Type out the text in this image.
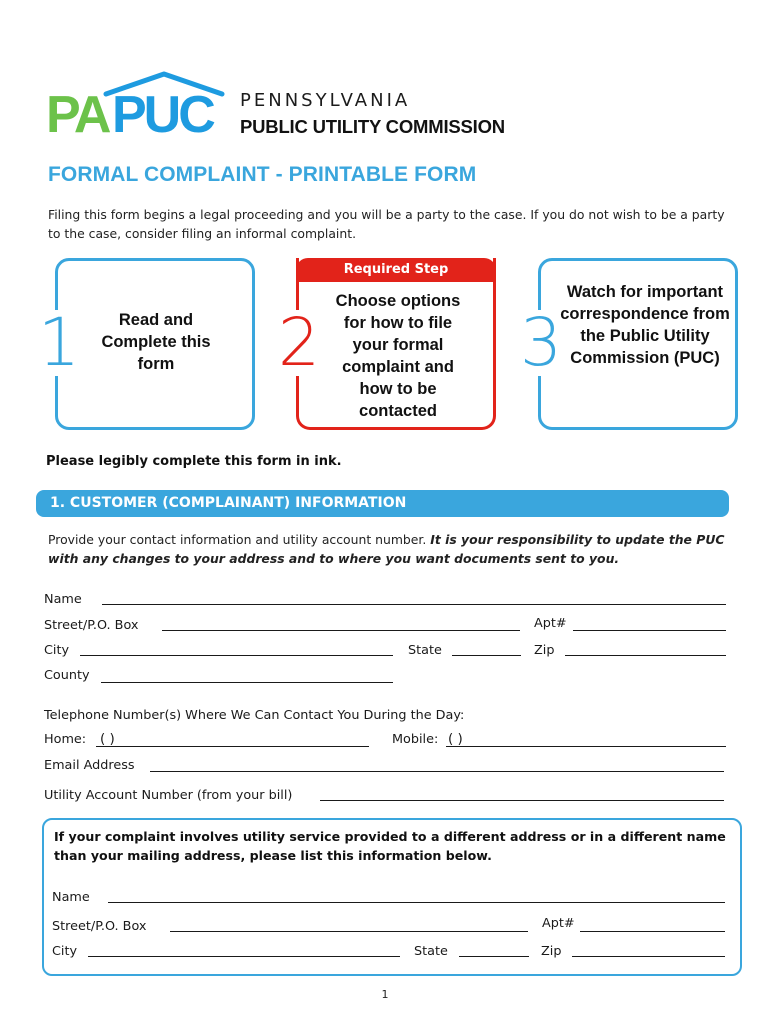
PA PUC PENNSYLVANIA
PUBLIC UTILITY COMMISSION
FORMAL COMPLAINT - PRINTABLE FORM
Filing this form begins a legal proceeding and you will be a party to the case. If you do not wish to be a party to the case, consider filing an informal complaint.
1	Read and Complete this form
Required Step
2
Choose options for how to file your formal complaint and how to be contacted
3
Watch for important correspondence from the Public Utility Commission (PUC)
Please legibly complete this form in ink.
1. CUSTOMER (COMPLAINANT) INFORMATION
Provide your contact information and utility account number. It is your responsibility to update the PUC with any changes to your address and to where you want documents sent to you.
Name
Street/P.O. Box	Apt#
City	State	Zip
County
Telephone Number(s) Where We Can Contact You During the Day:
Home: ( )	Mobile: ( )
Email Address
Utility Account Number (from your bill)
If your complaint involves utility service provided to a different address or in a different name than your mailing address, please list this information below.
Name
Street/P.O. Box	Apt#
City	State	Zip
1
